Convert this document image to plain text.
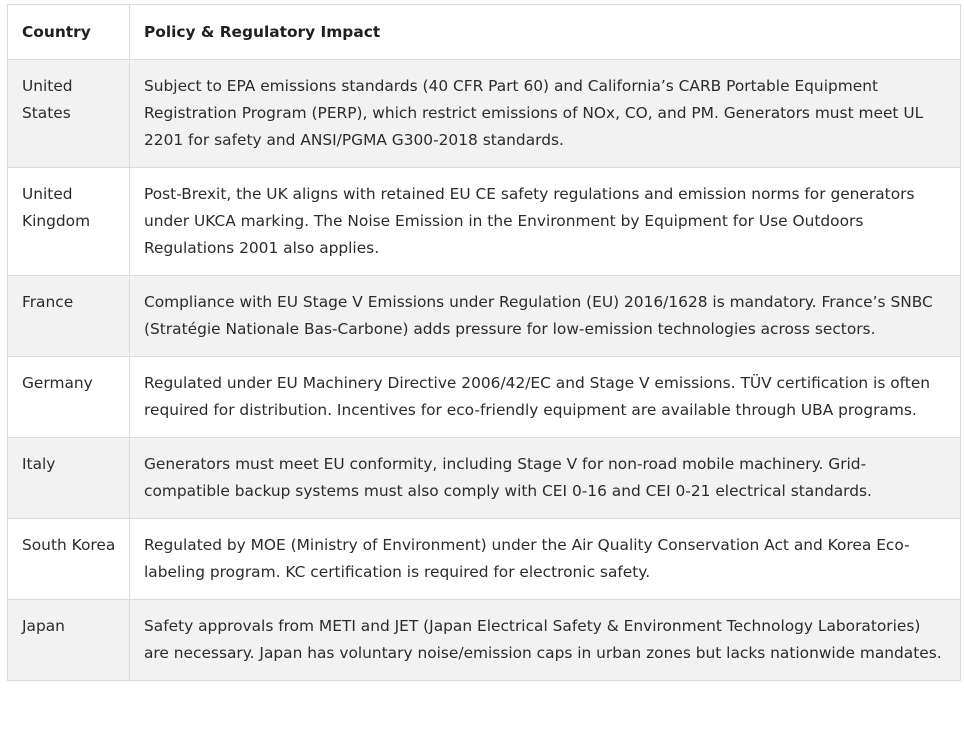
Country	Policy & Regulatory Impact
United States	Subject to EPA emissions standards (40 CFR Part 60) and California’s CARB Portable Equipment Registration Program (PERP), which restrict emissions of NOx, CO, and PM. Generators must meet UL 2201 for safety and ANSI/PGMA G300-2018 standards.
United Kingdom	Post-Brexit, the UK aligns with retained EU CE safety regulations and emission norms for generators under UKCA marking. The Noise Emission in the Environment by Equipment for Use Outdoors Regulations 2001 also applies.
France	Compliance with EU Stage V Emissions under Regulation (EU) 2016/1628 is mandatory. France’s SNBC (Stratégie Nationale Bas-Carbone) adds pressure for low-emission technologies across sectors.
Germany	Regulated under EU Machinery Directive 2006/42/EC and Stage V emissions. TÜV certification is often required for distribution. Incentives for eco-friendly equipment are available through UBA programs.
Italy	Generators must meet EU conformity, including Stage V for non-road mobile machinery. Grid-compatible backup systems must also comply with CEI 0-16 and CEI 0-21 electrical standards.
South Korea	Regulated by MOE (Ministry of Environment) under the Air Quality Conservation Act and Korea Eco-labeling program. KC certification is required for electronic safety.
Japan	Safety approvals from METI and JET (Japan Electrical Safety & Environment Technology Laboratories) are necessary. Japan has voluntary noise/emission caps in urban zones but lacks nationwide mandates.
